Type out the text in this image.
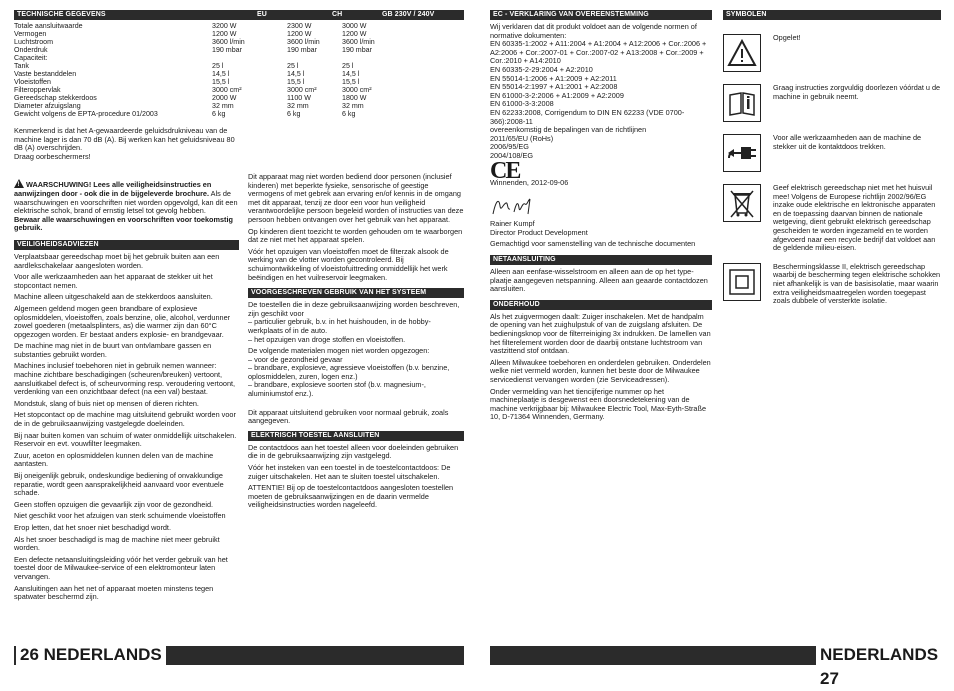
TECHNISCHE GEGEVENS	EU	CH	GB 230V / 240V
Totale aansluitwaarde	3200 W	2300 W	3000 W
Vermogen	1200 W	1200 W	1200 W
Luchtstroom	3600 l/min	3600 l/min	3600 l/min
Onderdruk	190 mbar	190 mbar	190 mbar
Capaciteit:			
Tank	25 l	25 l	25 l
Vaste bestanddelen	14,5 l	14,5 l	14,5 l
Vloeistoffen	15,5 l	15,5 l	15,5 l
Filteroppervlak	3000 cm²	3000 cm²	3000 cm²
Gereedschap stekkerdoos	2000 W	1100 W	1800 W
Diameter afzuigslang	32 mm	32 mm	32 mm
Gewicht volgens de EPTA-procedure 01/2003	6 kg	6 kg	6 kg
Kenmerkend is dat het A-gewaardeerde geluidsdrukniveau van de machine lager is dan 70 dB (A). Bij werken kan het geluidsniveau 80 dB (A) overschrijden.
Draag oorbeschermers!
!WAARSCHUWING! Lees alle veiligheidsinstructies en aanwijzingen door - ook die in de bijgeleverde brochure. Als de waarschuwingen en voorschriften niet worden opgevolgd, kan dit een elektrische schok, brand of ernstig letsel tot gevolg hebben.
Bewaar alle waarschuwingen en voorschriften voor toekomstig gebruik.
VEILIGHEIDSADVIEZEN
Verplaatsbaar gereedschap moet bij het gebruik buiten aan een aardlekschakelaar aangesloten worden.
Voor alle werkzaamheden aan het apparaat de stekker uit het stopcontact nemen.
Machine alleen uitgeschakeld aan de stekkerdoos aansluiten.
Algemeen geldend mogen geen brandbare of explosieve oplosmiddelen, vloeistoffen, zoals benzine, olie, alcohol, verdunner zowel goederen (metaalsplinters, as) die warmer zijn dan 60°C opgezogen worden. Er bestaat anders explosie- en brandgevaar.
De machine mag niet in de buurt van ontvlambare gassen en substanties gebruikt worden.
Machines inclusief toebehoren niet in gebruik nemen wanneer: machine zichtbare beschadigingen (scheuren/breuken) vertoont, aansluitkabel defect is, of scheurvorming resp. veroudering vertoont, verdenking van een onzichtbaar defect (na een val) bestaat.
Mondstuk, slang of buis niet op mensen of dieren richten.
Het stopcontact op de machine mag uitsluitend gebruikt worden voor de in de gebruiksaanwijzing vastgelegde doeleinden.
Bij naar buiten komen van schuim of water onmiddellijk uitschakelen. Reservoir en evt. vouwfilter leegmaken.
Zuur, aceton en oplosmiddelen kunnen delen van de machine aantasten.
Bij oneigenlijk gebruik, ondeskundige bediening of onvakkundige reparatie, wordt geen aansprakelijkheid aanvaard voor eventuele schade.
Geen stoffen opzuigen die gevaarlijk zijn voor de gezondheid.
Niet geschikt voor het afzuigen van sterk schuimende vloeistoffen
Erop letten, dat het snoer niet beschadigd wordt.
Als het snoer beschadigd is mag de machine niet meer gebruikt worden.
Een defecte netaansluitingsleiding vóór het verder gebruik van het toestel door de Milwaukee-service of een elektromonteur laten vervangen.
Aansluitingen aan het net of apparaat moeten minstens tegen spatwater beschermd zijn.
Dit apparaat mag niet worden bediend door personen (inclusief kinderen) met beperkte fysieke, sensorische of geestige vermogens of met gebrek aan ervaring en/of kennis in de omgang met dit apparaat, tenzij ze door een voor hun veiligheid verantwoordelijke persoon begeleid worden of instructies van deze persoon hebben ontvangen over het gebruik van het apparaat.
Op kinderen dient toezicht te worden gehouden om te waarborgen dat ze niet met het apparaat spelen.
Vóór het opzuigen van vloeistoffen moet de filterzak alsook de werking van de vlotter worden gecontroleerd. Bij schuimontwikkeling of vloeistofuittreding onmiddellijk het werk beëindigen en het vuilreservoir leegmaken.
VOORGESCHREVEN GEBRUIK VAN HET SYSTEEM
De toestellen die in deze gebruiksaanwijzing worden beschreven, zijn geschikt voor
– particulier gebruik, b.v. in het huishouden, in de hobby-werkplaats of in de auto.
– het opzuigen van droge stoffen en vloeistoffen.
De volgende materialen mogen niet worden opgezogen:
– voor de gezondheid gevaar
– brandbare, explosieve, agressieve vloeistoffen (b.v. benzine, oplosmiddelen, zuren, logen enz.)
– brandbare, explosieve soorten stof (b.v. magnesium-, aluminiumstof enz.).
Dit apparaat uitsluitend gebruiken voor normaal gebruik, zoals aangegeven.
ELEKTRISCH TOESTEL AANSLUITEN
De contactdoos aan het toestel alleen voor doeleinden gebruiken die in de gebruiksaanwijzing zijn vastgelegd.
Vóór het insteken van een toestel in de toestelcontactdoos: De zuiger uitschakelen. Het aan te sluiten toestel uitschakelen.
ATTENTIE! Bij op de toestelcontactdoos aangesloten toestellen moeten de gebruiksaanwijzingen en de daarin vermelde veiligheidsinstructies worden nageleefd.
26 NEDERLANDS
EC - VERKLARING VAN OVEREENSTEMMING
Wij verklaren dat dit produkt voldoet aan de volgende normen of normative dokumenten:
EN 60335-1:2002 + A11:2004 + A1:2004 + A12:2006 + Cor.:2006 + A2:2006 + Cor.:2007-01 + Cor.:2007-02 + A13:2008 + Cor.:2009 + Cor.:2010 + A14:2010
EN 60335-2-29:2004 + A2:2010
EN 55014-1:2006 + A1:2009 + A2:2011
EN 55014-2:1997 + A1:2001 + A2:2008
EN 61000-3-2:2006 + A1:2009 + A2:2009
EN 61000-3-3:2008
EN 62233:2008, Corrigendum to DIN EN 62233 (VDE 0700-366):2008-11
overeenkomstig de bepalingen van de richtlijnen
2011/65/EU (RoHs)
2006/95/EG
2004/108/EG
CE
Winnenden, 2012-09-06
Rainer Kumpf
Director Product Development
Gemachtigd voor samenstelling van de technische documenten
NETAANSLUITING
Alleen aan eenfase-wisselstroom en alleen aan de op het type-plaatje aangegeven netspanning. Alleen aan geaarde contactdozen aansluiten.
ONDERHOUD
Als het zuigvermogen daalt: Zuiger inschakelen. Met de handpalm de opening van het zuighulpstuk of van de zuigslang afsluiten. De bedieningsknop voor de filterreiniging 3x indrukken. De lamellen van het filterelement worden door de daarbij ontstane luchtstroom van vastzittend stof ontdaan.
Alleen Milwaukee toebehoren en onderdelen gebruiken. Onderdelen welke niet vermeld worden, kunnen het beste door de Milwaukee servicedienst vervangen worden (zie Serviceadressen).
Onder vermelding van het tiencijferige nummer op het machineplaatje is desgewenst een doorsnedetekening van de machine verkrijgbaar bij: Milwaukee Electric Tool, Max-Eyth-Straße 10, D-71364 Winnenden, Germany.
SYMBOLEN
Opgelet!
Graag instructies zorgvuldig doorlezen vóórdat u de machine in gebruik neemt.
Voor alle werkzaamheden aan de machine de stekker uit de kontaktdoos trekken.
Geef elektrisch gereedschap niet met het huisvuil mee! Volgens de Europese richtlijn 2002/96/EG inzake oude elektrische en lektronische apparaten en de toepassing daarvan binnen de nationale wetgeving, dient gebruikt elektrisch gereedschap gescheiden te worden ingezameld en te worden afgevoerd naar een recycle bedrijf dat voldoet aan de geldende milieu-eisen.
Beschermingsklasse II, elektrisch gereedschap waarbij de bescherming tegen elektrische schokken niet afhankelijk is van de basisisolatie, maar waarin extra veiligheidsmaatregelen worden toegepast zoals dubbele of versterkte isolatie.
NEDERLANDS 27
